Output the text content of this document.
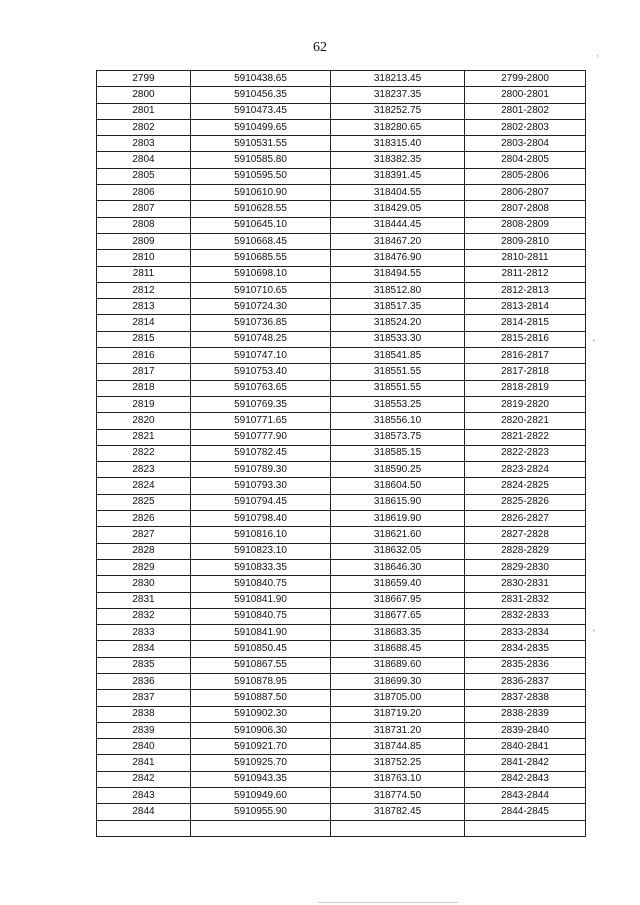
62
2799	5910438.65	318213.45	2799-2800
2800	5910456.35	318237.35	2800-2801
2801	5910473.45	318252.75	2801-2802
2802	5910499.65	318280.65	2802-2803
2803	5910531.55	318315.40	2803-2804
2804	5910585.80	318382.35	2804-2805
2805	5910595.50	318391.45	2805-2806
2806	5910610.90	318404.55	2806-2807
2807	5910628.55	318429.05	2807-2808
2808	5910645.10	318444.45	2808-2809
2809	5910668.45	318467.20	2809-2810
2810	5910685.55	318476.90	2810-2811
2811	5910698.10	318494.55	2811-2812
2812	5910710.65	318512.80	2812-2813
2813	5910724.30	318517.35	2813-2814
2814	5910736.85	318524.20	2814-2815
2815	5910748.25	318533.30	2815-2816
2816	5910747.10	318541.85	2816-2817
2817	5910753.40	318551.55	2817-2818
2818	5910763.65	318551.55	2818-2819
2819	5910769.35	318553.25	2819-2820
2820	5910771.65	318556.10	2820-2821
2821	5910777.90	318573.75	2821-2822
2822	5910782.45	318585.15	2822-2823
2823	5910789.30	318590.25	2823-2824
2824	5910793.30	318604.50	2824-2825
2825	5910794.45	318615.90	2825-2826
2826	5910798.40	318619.90	2826-2827
2827	5910816.10	318621.60	2827-2828
2828	5910823.10	318632.05	2828-2829
2829	5910833.35	318646.30	2829-2830
2830	5910840.75	318659.40	2830-2831
2831	5910841.90	318667.95	2831-2832
2832	5910840.75	318677.65	2832-2833
2833	5910841.90	318683.35	2833-2834
2834	5910850.45	318688.45	2834-2835
2835	5910867.55	318689.60	2835-2836
2836	5910878.95	318699.30	2836-2837
2837	5910887.50	318705.00	2837-2838
2838	5910902.30	318719.20	2838-2839
2839	5910906.30	318731.20	2839-2840
2840	5910921.70	318744.85	2840-2841
2841	5910925.70	318752.25	2841-2842
2842	5910943.35	318763.10	2842-2843
2843	5910949.60	318774.50	2843-2844
2844	5910955.90	318782.45	2844-2845

·
`
`
